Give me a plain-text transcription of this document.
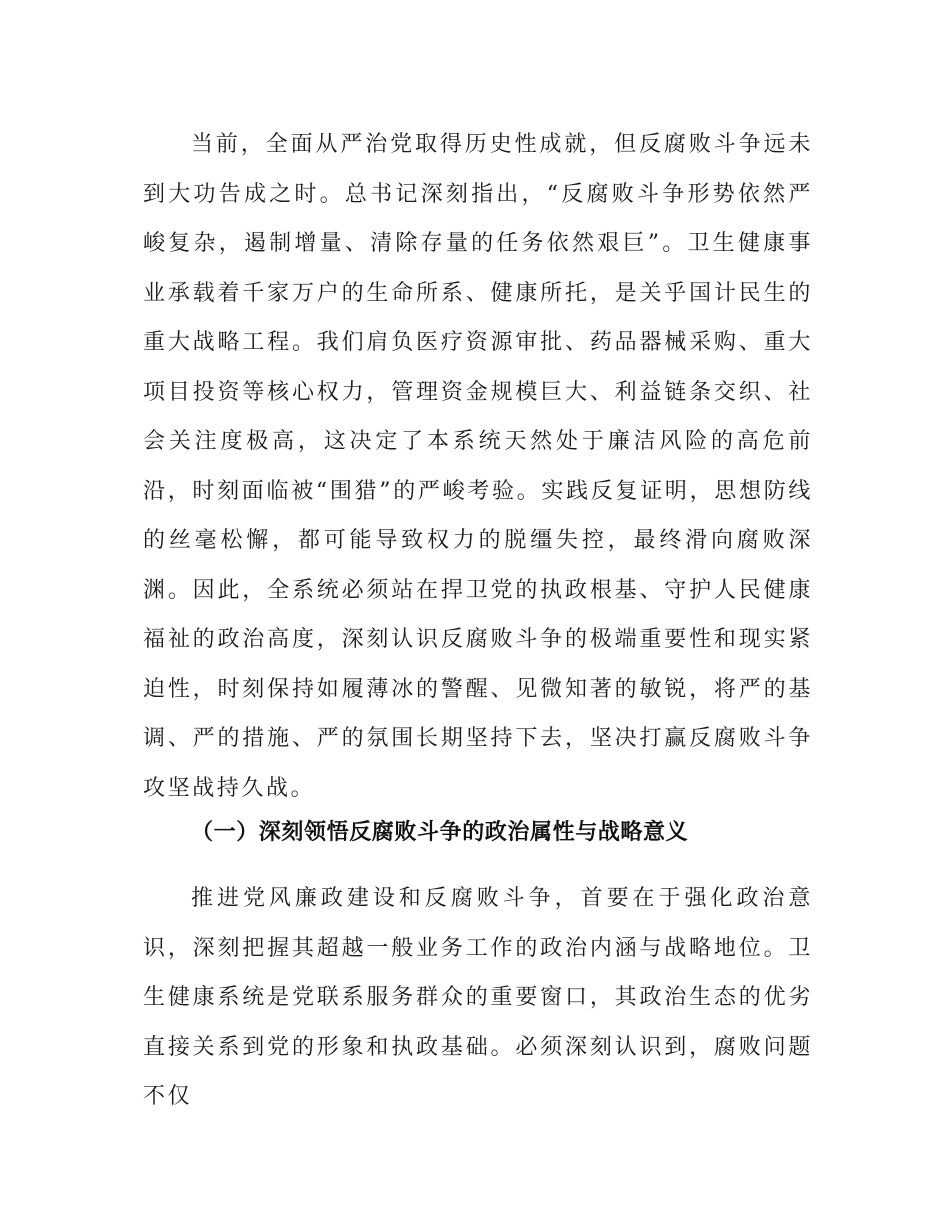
当前，全面从严治党取得历史性成就，但反腐败斗争远未到大功告成之时。总书记深刻指出，“反腐败斗争形势依然严峻复杂，遏制增量、清除存量的任务依然艰巨”。卫生健康事业承载着千家万户的生命所系、健康所托，是关乎国计民生的重大战略工程。我们肩负医疗资源审批、药品器械采购、重大项目投资等核心权力，管理资金规模巨大、利益链条交织、社会关注度极高，这决定了本系统天然处于廉洁风险的高危前沿，时刻面临被“围猎”的严峻考验。实践反复证明，思想防线的丝毫松懈，都可能导致权力的脱缰失控，最终滑向腐败深渊。因此，全系统必须站在捍卫党的执政根基、守护人民健康福祉的政治高度，深刻认识反腐败斗争的极端重要性和现实紧迫性，时刻保持如履薄冰的警醒、见微知著的敏锐，将严的基调、严的措施、严的氛围长期坚持下去，坚决打赢反腐败斗争攻坚战持久战。

（一）深刻领悟反腐败斗争的政治属性与战略意义

推进党风廉政建设和反腐败斗争，首要在于强化政治意识，深刻把握其超越一般业务工作的政治内涵与战略地位。卫生健康系统是党联系服务群众的重要窗口，其政治生态的优劣直接关系到党的形象和执政基础。必须深刻认识到，腐败问题不仅
